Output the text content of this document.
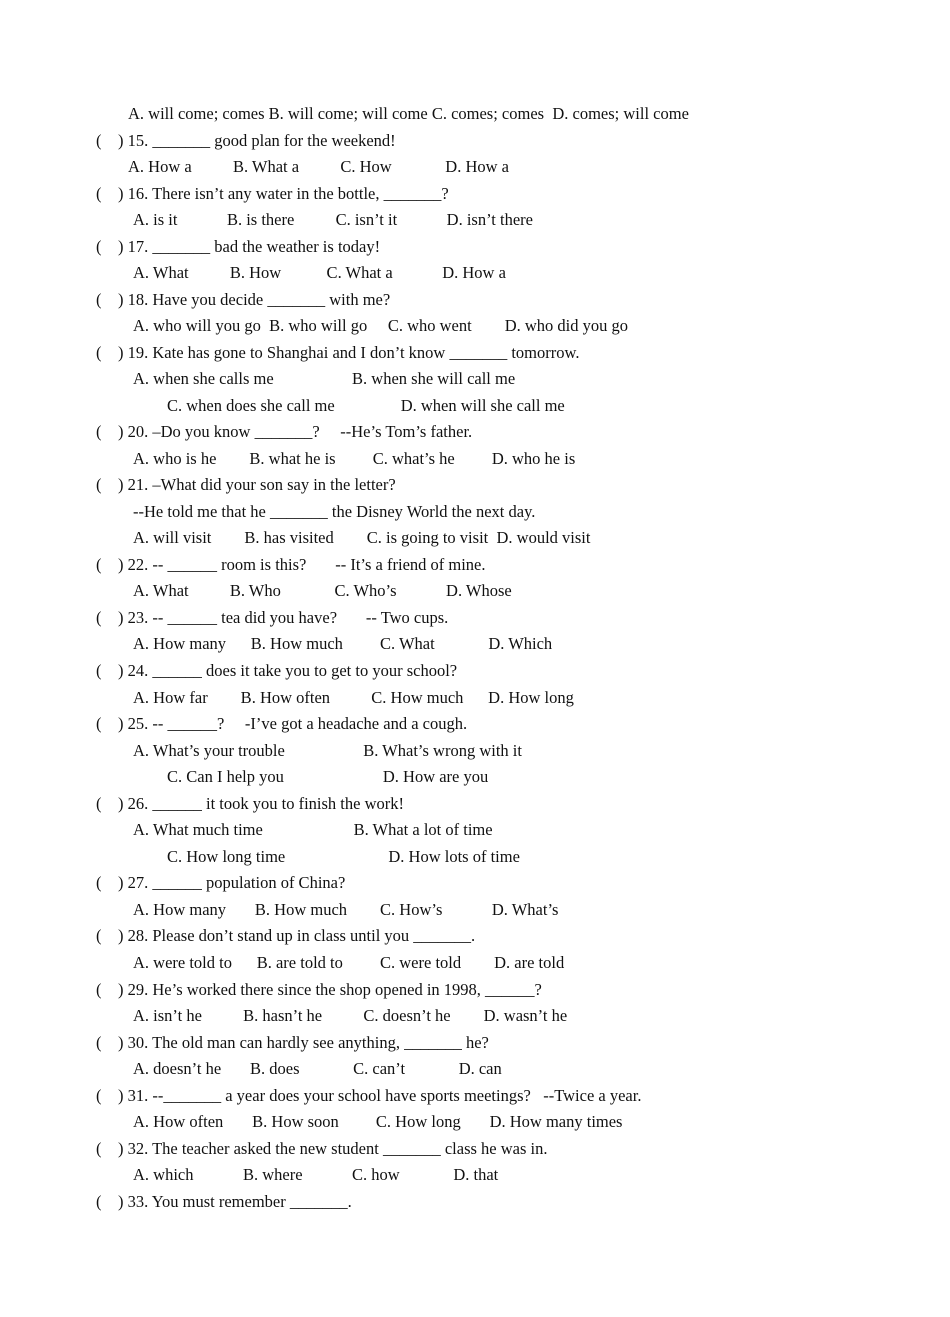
A. will come; comes B. will come; will come C. comes; comes  D. comes; will come
(    ) 15. _______ good plan for the weekend!
A. How a          B. What a          C. How             D. How a
(    ) 16. There isn’t any water in the bottle, _______?
A. is it            B. is there          C. isn’t it            D. isn’t there
(    ) 17. _______ bad the weather is today!
A. What          B. How           C. What a            D. How a
(    ) 18. Have you decide _______ with me?
A. who will you go  B. who will go     C. who went        D. who did you go
(    ) 19. Kate has gone to Shanghai and I don’t know _______ tomorrow.
A. when she calls me                   B. when she will call me
C. when does she call me                D. when will she call me
(    ) 20. –Do you know _______?     --He’s Tom’s father.
A. who is he        B. what he is         C. what’s he         D. who he is
(    ) 21. –What did your son say in the letter?
--He told me that he _______ the Disney World the next day.
A. will visit        B. has visited        C. is going to visit  D. would visit
(    ) 22. -- ______ room is this?       -- It’s a friend of mine.
A. What          B. Who             C. Who’s            D. Whose
(    ) 23. -- ______ tea did you have?       -- Two cups.
A. How many      B. How much         C. What             D. Which
(    ) 24. ______ does it take you to get to your school?
A. How far        B. How often          C. How much      D. How long
(    ) 25. -- ______?     -I’ve got a headache and a cough.
A. What’s your trouble                   B. What’s wrong with it
C. Can I help you                        D. How are you
(    ) 26. ______ it took you to finish the work!
A. What much time                      B. What a lot of time
C. How long time                         D. How lots of time
(    ) 27. ______ population of China?
A. How many       B. How much        C. How’s            D. What’s
(    ) 28. Please don’t stand up in class until you _______.
A. were told to      B. are told to         C. were told        D. are told
(    ) 29. He’s worked there since the shop opened in 1998, ______?
A. isn’t he          B. hasn’t he          C. doesn’t he        D. wasn’t he
(    ) 30. The old man can hardly see anything, _______ he?
A. doesn’t he       B. does             C. can’t             D. can
(    ) 31. --_______ a year does your school have sports meetings?   --Twice a year.
A. How often       B. How soon         C. How long       D. How many times
(    ) 32. The teacher asked the new student _______ class he was in.
A. which            B. where            C. how             D. that
(    ) 33. You must remember _______.
